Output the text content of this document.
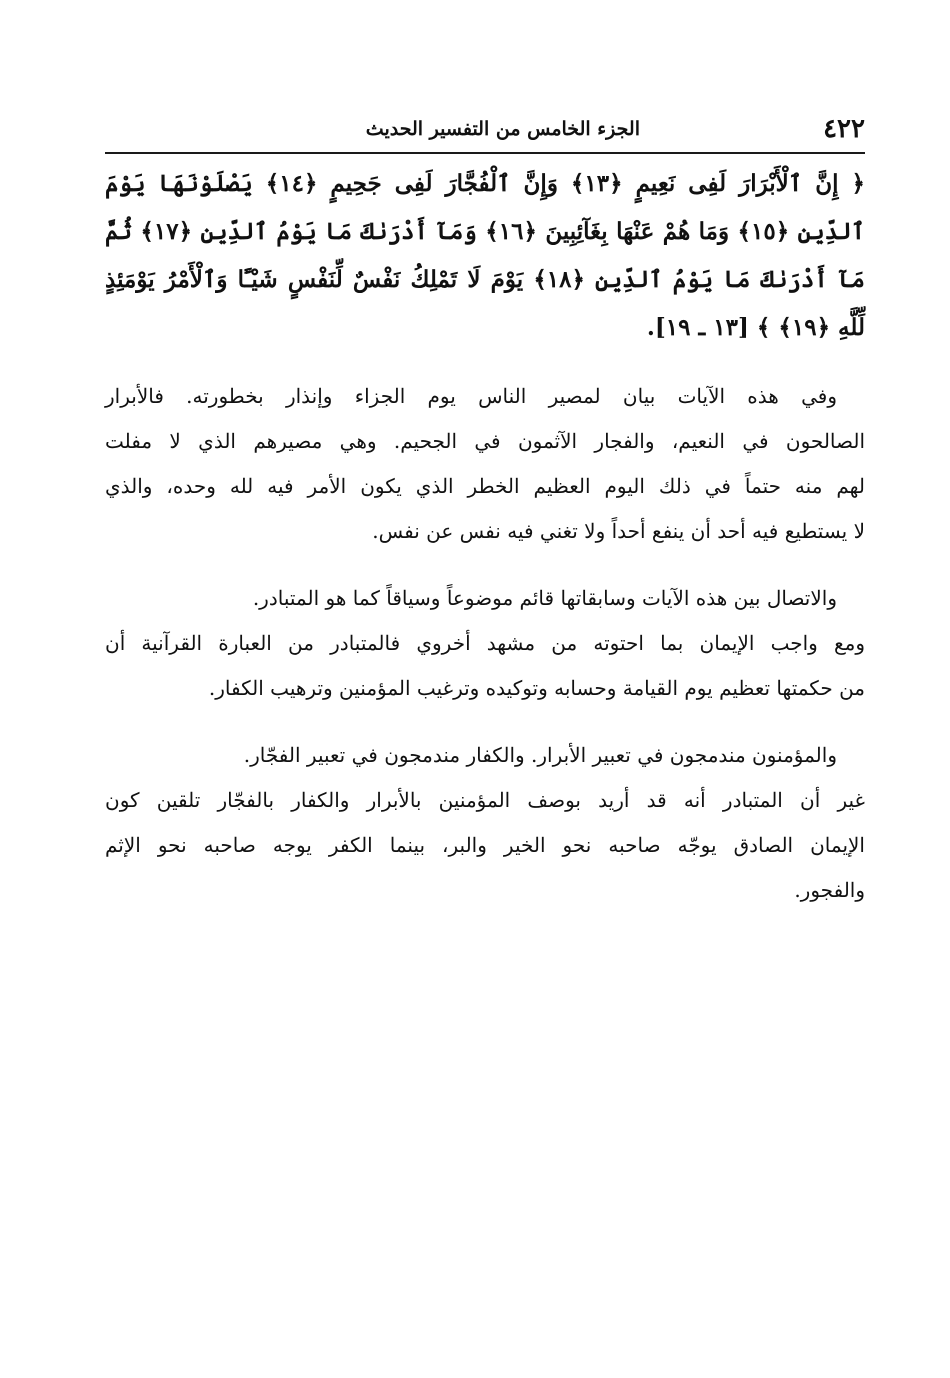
٤٢٢
الجزء الخامس من التفسير الحديث

﴿ إِنَّ ٱلْأَبْرَارَ لَفِى نَعِيمٍ ﴿١٣﴾ وَإِنَّ ٱلْفُجَّارَ لَفِى جَحِيمٍ ﴿١٤﴾ يَصْلَوْنَهَا يَوْمَ ٱلدِّينِ ﴿١٥﴾ وَمَا هُمْ عَنْهَا بِغَآئِبِينَ ﴿١٦﴾ وَمَآ أَدْرَىٰكَ مَا يَوْمُ ٱلدِّينِ ﴿١٧﴾ ثُمَّ مَآ أَدْرَىٰكَ مَا يَوْمُ ٱلدِّينِ ﴿١٨﴾ يَوْمَ لَا تَمْلِكُ نَفْسٌ لِّنَفْسٍ شَيْـًٔا وَٱلْأَمْرُ يَوْمَئِذٍ لِّلَّهِ ﴿١٩﴾ ﴾ [١٣ ـ ١٩].

وفي هذه الآيات بيان لمصير الناس يوم الجزاء وإنذار بخطورته. فالأبرار
الصالحون في النعيم، والفجار الآثمون في الجحيم. وهي مصيرهم الذي لا مفلت
لهم منه حتماً في ذلك اليوم العظيم الخطر الذي يكون الأمر فيه لله وحده، والذي
لا يستطيع فيه أحد أن ينفع أحداً ولا تغني فيه نفس عن نفس.

والاتصال بين هذه الآيات وسابقاتها قائم موضوعاً وسياقاً كما هو المتبادر.
ومع واجب الإيمان بما احتوته من مشهد أخروي فالمتبادر من العبارة القرآنية أن
من حكمتها تعظيم يوم القيامة وحسابه وتوكيده وترغيب المؤمنين وترهيب الكفار.

والمؤمنون مندمجون في تعبير الأبرار. والكفار مندمجون في تعبير الفجّار.
غير أن المتبادر أنه قد أريد بوصف المؤمنين بالأبرار والكفار بالفجّار تلقين كون
الإيمان الصادق يوجّه صاحبه نحو الخير والبر، بينما الكفر يوجه صاحبه نحو الإثم
والفجور.
